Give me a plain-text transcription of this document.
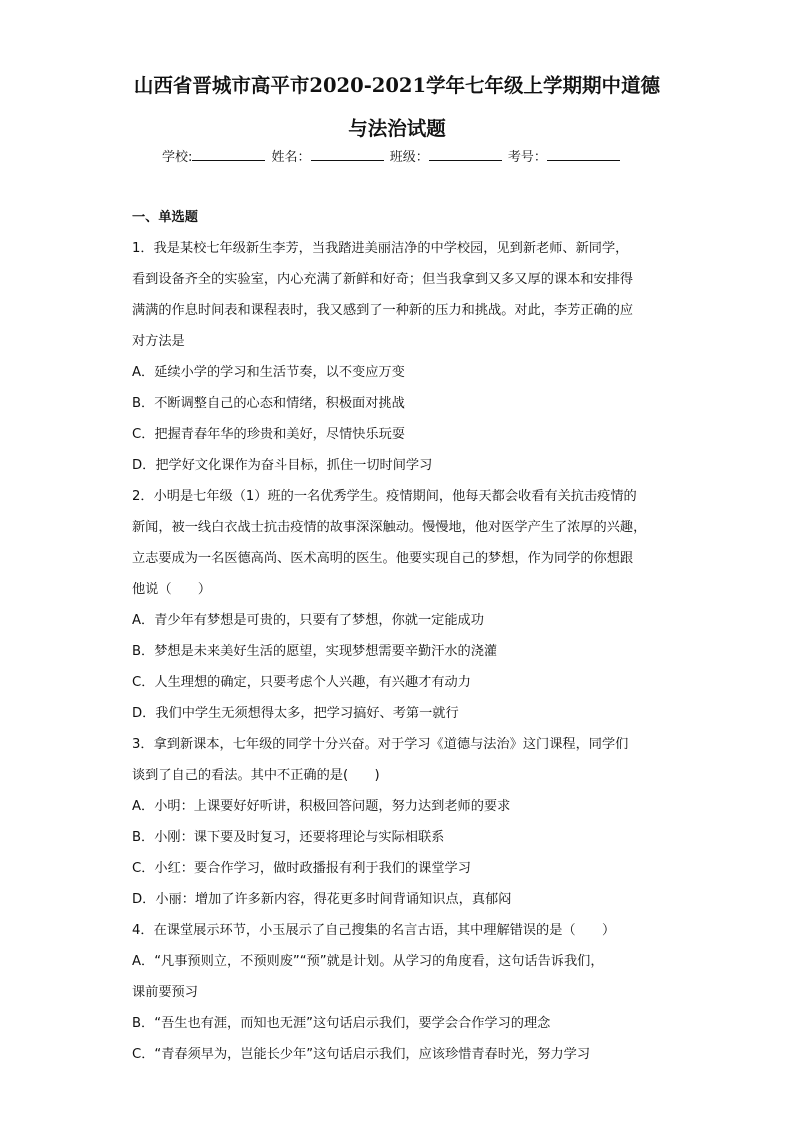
山西省晋城市高平市2020-2021学年七年级上学期期中道德
与法治试题
学校:	姓名：	班级：	考号：
一、单选题
1．我是某校七年级新生李芳，当我踏进美丽洁净的中学校园，见到新老师、新同学，
看到设备齐全的实验室，内心充满了新鲜和好奇；但当我拿到又多又厚的课本和安排得
满满的作息时间表和课程表时，我又感到了一种新的压力和挑战。对此，李芳正确的应
对方法是
A．延续小学的学习和生活节奏，以不变应万变
B．不断调整自己的心态和情绪，积极面对挑战
C．把握青春年华的珍贵和美好，尽情快乐玩耍
D．把学好文化课作为奋斗目标，抓住一切时间学习
2．小明是七年级（1）班的一名优秀学生。疫情期间，他每天都会收看有关抗击疫情的
新闻，被一线白衣战士抗击疫情的故事深深触动。慢慢地，他对医学产生了浓厚的兴趣，
立志要成为一名医德高尚、医术高明的医生。他要实现自己的梦想，作为同学的你想跟
他说（　　）
A．青少年有梦想是可贵的，只要有了梦想，你就一定能成功
B．梦想是未来美好生活的愿望，实现梦想需要辛勤汗水的浇灌
C．人生理想的确定，只要考虑个人兴趣，有兴趣才有动力
D．我们中学生无须想得太多，把学习搞好、考第一就行
3．拿到新课本，七年级的同学十分兴奋。对于学习《道德与法治》这门课程，同学们
谈到了自己的看法。其中不正确的是(　　)
A．小明：上课要好好听讲，积极回答问题，努力达到老师的要求
B．小刚：课下要及时复习，还要将理论与实际相联系
C．小红：要合作学习，做时政播报有利于我们的课堂学习
D．小丽：增加了许多新内容，得花更多时间背诵知识点，真郁闷
4．在课堂展示环节，小玉展示了自己搜集的名言古语，其中理解错误的是（　　）
A．“凡事预则立，不预则废”“预”就是计划。从学习的角度看，这句话告诉我们，
课前要预习
B．“吾生也有涯，而知也无涯”这句话启示我们，要学会合作学习的理念
C．“青春须早为，岂能长少年”这句话启示我们，应该珍惜青春时光，努力学习
